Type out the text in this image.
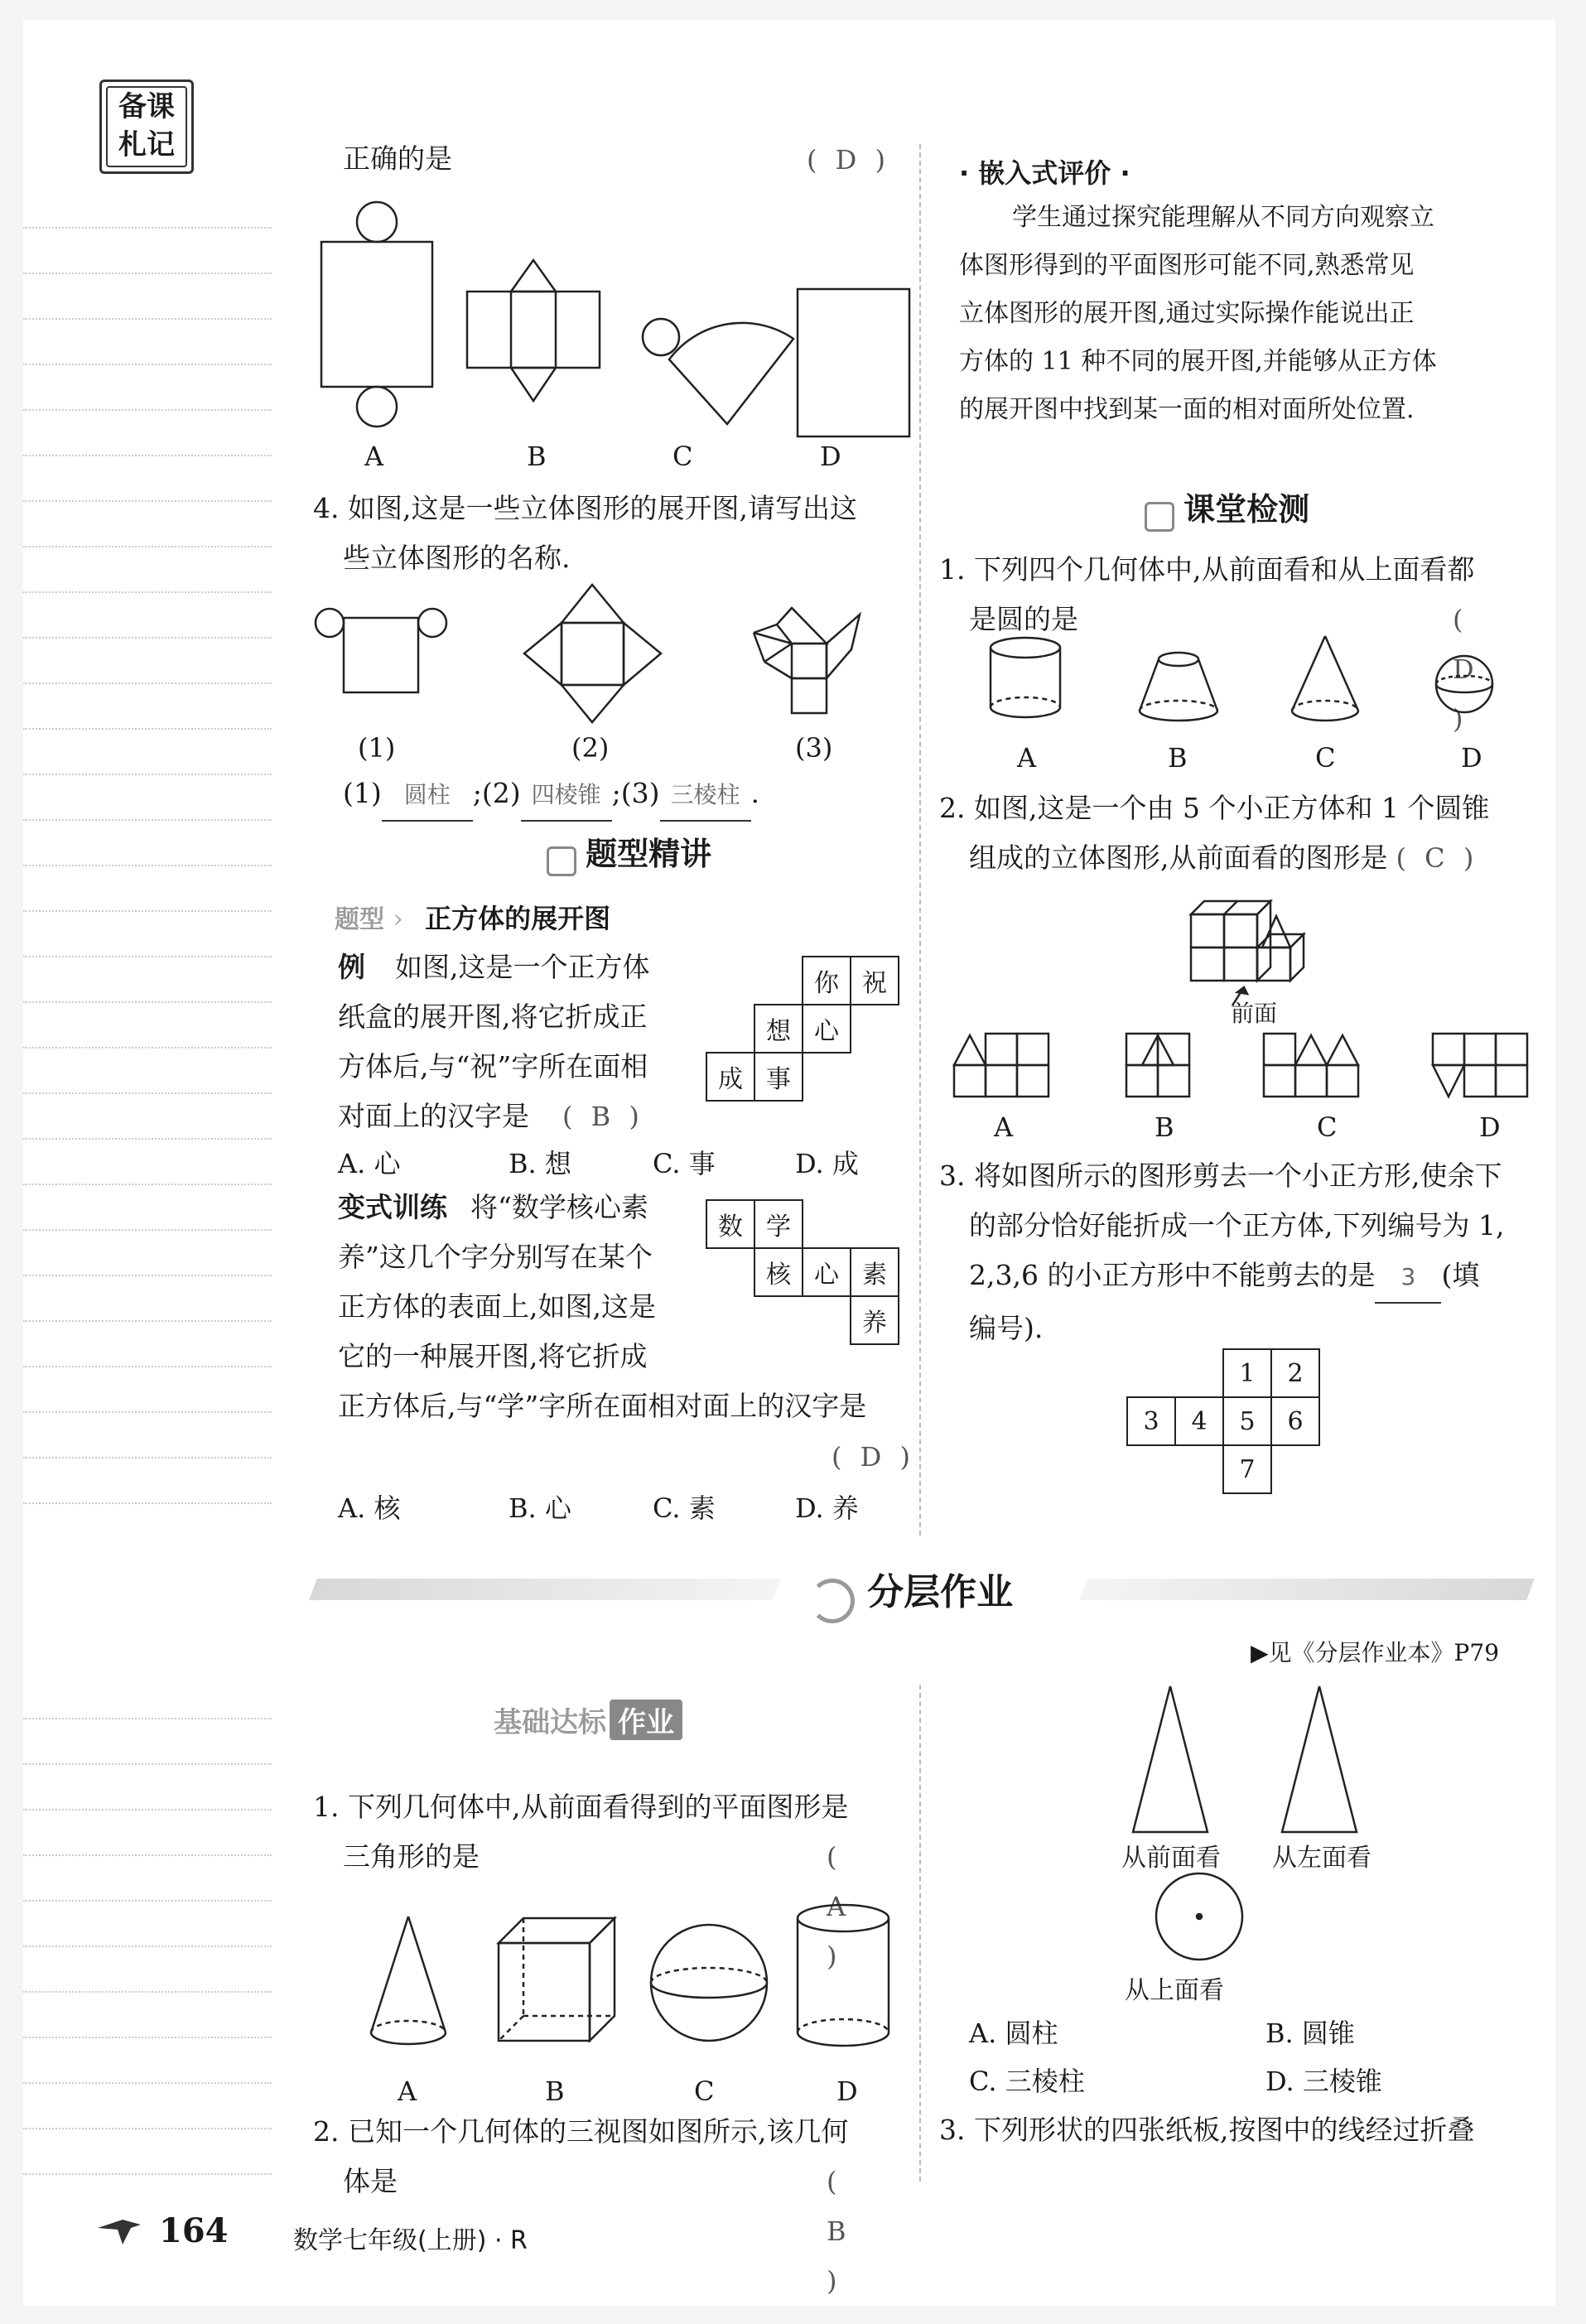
备课
札记	正确的是	( D )
A	B	C	D
4. 如图,这是一些立体图形的展开图,请写出这
些立体图形的名称.
(1)	(2)	(3)
(1) 圆柱 ;(2) 四棱锥 ;(3) 三棱柱 .
题型精讲
题型 › 正方体的展开图
例 如图,这是一个正方体
纸盒的展开图,将它折成正
方体后,与“祝”字所在面相
对面上的汉字是 ( B )
		你	祝
	想	心	
成	事		
A. 心	B. 想	C. 事	D. 成
变式训练 将“数学核心素
养”这几个字分别写在某个
正方体的表面上,如图,这是
它的一种展开图,将它折成
正方体后,与“学”字所在面相对面上的汉字是
( D )
数	学		
	核	心	素
			养
A. 核	B. 心	C. 素	D. 养
· 嵌入式评价 ·
学生通过探究能理解从不同方向观察立
体图形得到的平面图形可能不同,熟悉常见
立体图形的展开图,通过实际操作能说出正
方体的 11 种不同的展开图,并能够从正方体
的展开图中找到某一面的相对面所处位置.
课堂检测
1. 下列四个几何体中,从前面看和从上面看都
是圆的是	( D )
A	B	C	D
2. 如图,这是一个由 5 个小正方体和 1 个圆锥
组成的立体图形,从前面看的图形是 ( C )
前面
A	B	C	D
3. 将如图所示的图形剪去一个小正方形,使余下
的部分恰好能折成一个正方体,下列编号为 1,
2,3,6 的小正方形中不能剪去的是 3 (填
编号).
		1	2
3	4	5	6
		7	
分层作业
▶见《分层作业本》P79
基础达标 作业
1. 下列几何体中,从前面看得到的平面图形是
三角形的是	( A )
A	B	C	D
2. 已知一个几何体的三视图如图所示,该几何
体是	( B )
从前面看 从左面看
从上面看
A. 圆柱	B. 圆锥
C. 三棱柱	D. 三棱锥
3. 下列形状的四张纸板,按图中的线经过折叠
164	数学七年级(上册) · R
